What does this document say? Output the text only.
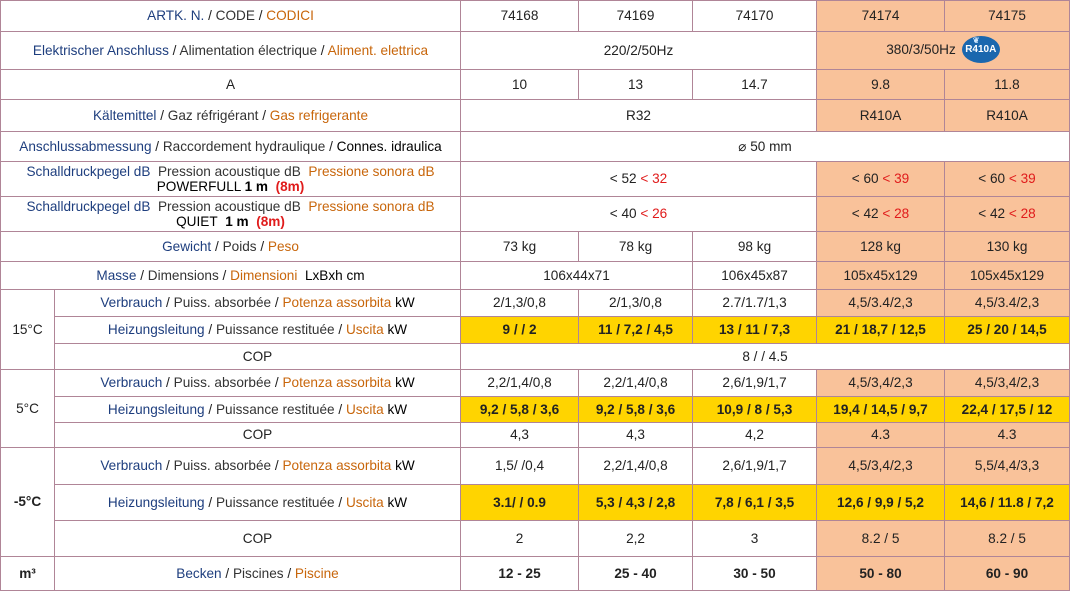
ARTK. N. / CODE / CODICI		74168	74169	74170	74174	74175
Elektrischer Anschluss / Alimentation électrique / Aliment. elettrica		220/2/50Hz			380/3/50Hz
❦
R410A	
A		10	13	14.7	9.8	11.8
Kältemittel / Gaz réfrigérant / Gas refrigerante		R32			R410A	R410A
Anschlussabmessung / Raccordement hydraulique / Connes. idraulica		⌀ 50 mm				
Schalldruckpegel dB Pression acoustique dB Pressione sonora dB
POWERFULL 1 m (8m)		< 52 < 32			< 60 < 39	< 60 < 39
Schalldruckpegel dB Pression acoustique dB Pressione sonora dB
QUIET 1 m (8m)		< 40 < 26			< 42 < 28	< 42 < 28
Gewicht / Poids / Peso		73 kg	78 kg	98 kg	128 kg	130 kg
Masse / Dimensions / Dimensioni LxBxh cm		106x44x71		106x45x87	105x45x129	105x45x129
15°C	Verbrauch / Puiss. absorbée / Potenza assorbita kW	2/1,3/0,8	2/1,3/0,8	2.7/1.7/1,3	4,5/3.4/2,3	4,5/3.4/2,3
	Heizungsleitung / Puissance restituée / Uscita kW	9 / / 2	11 / 7,2 / 4,5	13 / 11 / 7,3	21 / 18,7 / 12,5	25 / 20 / 14,5
	COP	8 / / 4.5				
5°C	Verbrauch / Puiss. absorbée / Potenza assorbita kW	2,2/1,4/0,8	2,2/1,4/0,8	2,6/1,9/1,7	4,5/3,4/2,3	4,5/3,4/2,3
	Heizungsleitung / Puissance restituée / Uscita kW	9,2 / 5,8 / 3,6	9,2 / 5,8 / 3,6	10,9 / 8 / 5,3	19,4 / 14,5 / 9,7	22,4 / 17,5 / 12
	COP	4,3	4,3	4,2	4.3	4.3
-5°C	Verbrauch / Puiss. absorbée / Potenza assorbita kW	1,5/ /0,4	2,2/1,4/0,8	2,6/1,9/1,7	4,5/3,4/2,3	5,5/4,4/3,3
	Heizungsleitung / Puissance restituée / Uscita kW	3.1/ / 0.9	5,3 / 4,3 / 2,8	7,8 / 6,1 / 3,5	12,6 / 9,9 / 5,2	14,6 / 11.8 / 7,2
	COP	2	2,2	3	8.2 / 5	8.2 / 5
m³	Becken / Piscines / Piscine	12 - 25	25 - 40	30 - 50	50 - 80	60 - 90
